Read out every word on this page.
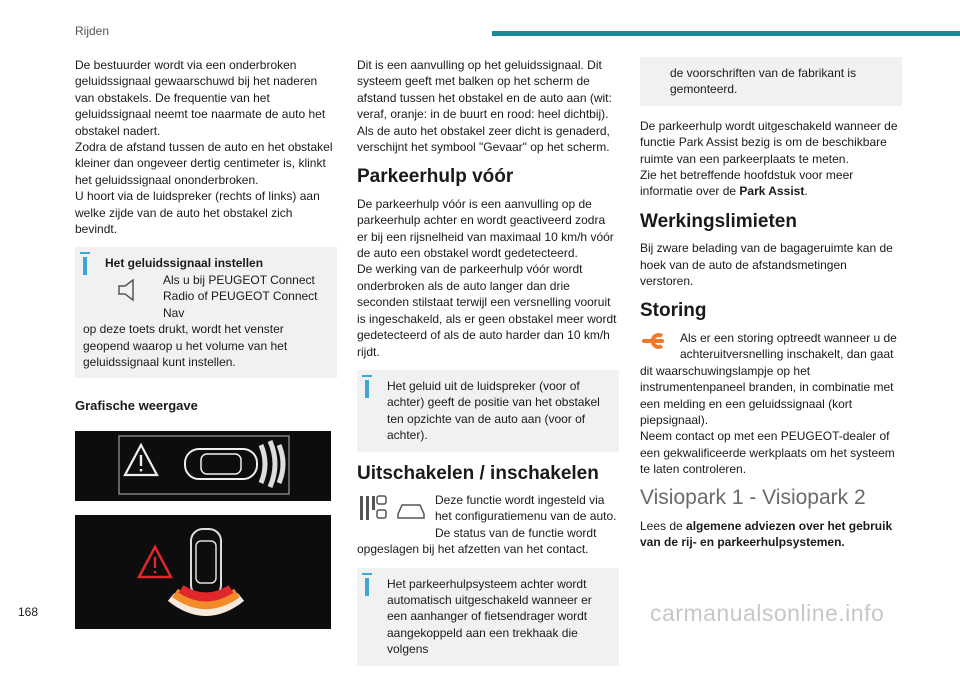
Rijden

De bestuurder wordt via een onderbroken geluidssignaal gewaarschuwd bij het naderen van obstakels. De frequentie van het geluidssignaal neemt toe naarmate de auto het obstakel nadert.
Zodra de afstand tussen de auto en het obstakel kleiner dan ongeveer dertig centimeter is, klinkt het geluidssignaal ononderbroken.
U hoort via de luidspreker (rechts of links) aan welke zijde van de auto het obstakel zich bevindt.

Het geluidssignaal instellen
Als u bij PEUGEOT Connect Radio of PEUGEOT Connect Nav
op deze toets drukt, wordt het venster geopend waarop u het volume van het geluidssignaal kunt instellen.
Grafische weergave

Dit is een aanvulling op het geluidssignaal. Dit systeem geeft met balken op het scherm de afstand tussen het obstakel en de auto aan (wit: veraf, oranje: in de buurt en rood: heel dichtbij). Als de auto het obstakel zeer dicht is genaderd, verschijnt het symbool "Gevaar" op het scherm.

Parkeerhulp vóór

De parkeerhulp vóór is een aanvulling op de parkeerhulp achter en wordt geactiveerd zodra er bij een rijsnelheid van maximaal 10 km/h vóór de auto een obstakel wordt gedetecteerd.
De werking van de parkeerhulp vóór wordt onderbroken als de auto langer dan drie seconden stilstaat terwijl een versnelling vooruit is ingeschakeld, als er geen obstakel meer wordt gedetecteerd of als de auto harder dan 10 km/h rijdt.

Het geluid uit de luidspreker (voor of achter) geeft de positie van het obstakel ten opzichte van de auto aan (voor of achter).
Uitschakelen / inschakelen

Deze functie wordt ingesteld via het configuratiemenu van de auto. De status van de functie wordt opgeslagen bij het afzetten van het contact.

Het parkeerhulpsysteem achter wordt automatisch uitgeschakeld wanneer er een aanhanger of fietsendrager wordt aangekoppeld aan een trekhaak die volgens
de voorschriften van de fabrikant is gemonteerd.

De parkeerhulp wordt uitgeschakeld wanneer de functie Park Assist bezig is om de beschikbare ruimte van een parkeerplaats te meten.
Zie het betreffende hoofdstuk voor meer informatie over de Park Assist.

Werkingslimieten

Bij zware belading van de bagageruimte kan de hoek van de auto de afstandsmetingen verstoren.

Storing

Als er een storing optreedt wanneer u de achteruitversnelling inschakelt, dan gaat dit waarschuwingslampje op het instrumentenpaneel branden, in combinatie met een melding en een geluidssignaal (kort piepsignaal).
Neem contact op met een PEUGEOT-dealer of een gekwalificeerde werkplaats om het systeem te laten controleren.

Visiopark 1 - Visiopark 2

Lees de algemene adviezen over het gebruik van de rij- en parkeerhulpsystemen.

168	carmanualsonline.info
